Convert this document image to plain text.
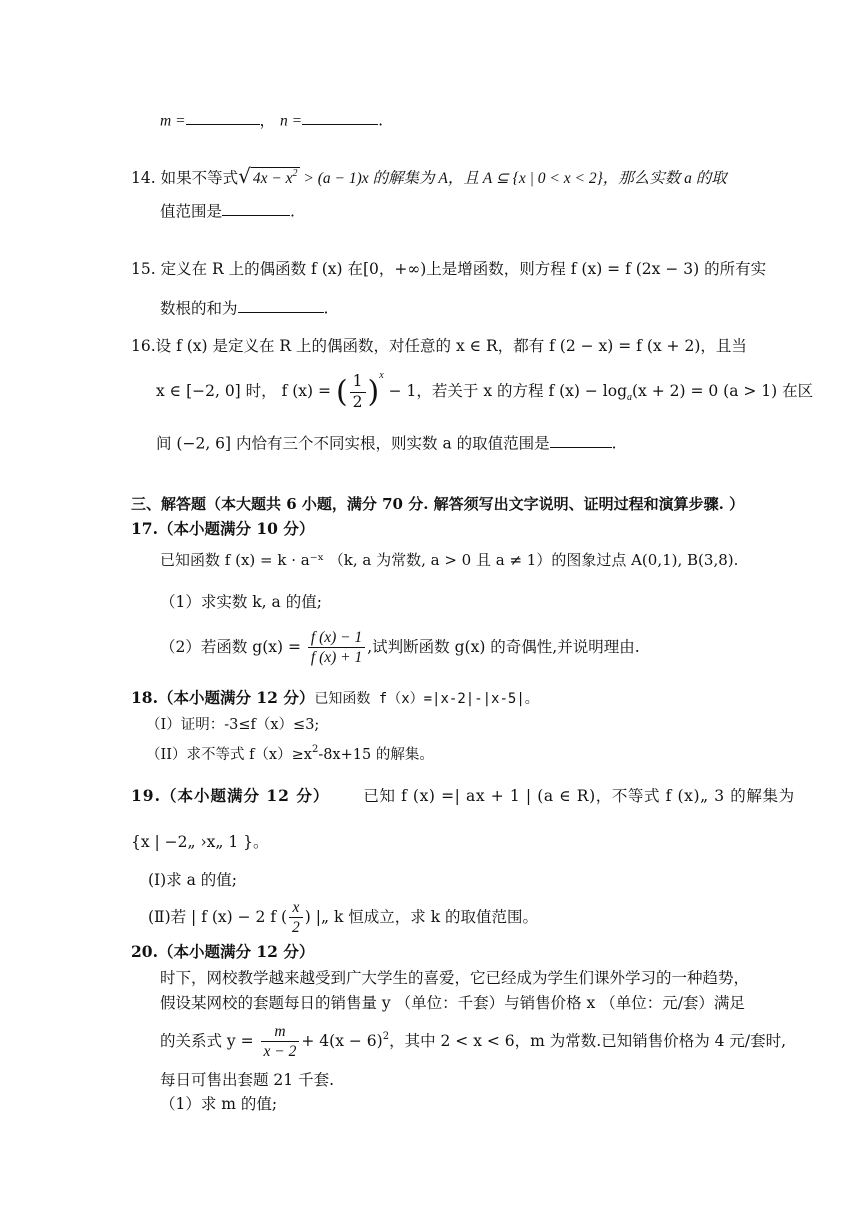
m =	， n =	.
14. 如果不等式√ $4x - x^2 > (a - 1)x$ 的解集为 A，且 A ⊆ {x | 0 < x < 2}，那么实数 a 的取
值范围是	.
15. 定义在 R 上的偶函数 f (x) 在[0，+∞)上是增函数，则方程 f (x) = f (2x − 3) 的所有实
数根的和为	.
16.设 f (x) 是定义在 R 上的偶函数，对任意的 x ∈ R，都有 f (2 − x) = f (x + 2)，且当
x ∈ [−2, 0] 时， f (x) = ( $\frac{1}{2} )^x - 1$，若关于 x 的方程 f $(x) - \log_a(x + 2) = 0$ (a > 1) 在区
间 (−2, 6] 内恰有三个不同实根，则实数 a 的取值范围是	.
三、解答题（本大题共 6 小题，满分 70 分. 解答须写出文字说明、证明过程和演算步骤. ）
17.（本小题满分 10 分）
已知函数 f (x) = k · a⁻ˣ （k, a 为常数, a > 0 且 a ≠ 1）的图象过点 A(0,1), B(3,8).
（1）求实数 k, a 的值;
（2）若函数 $g(x) = \frac{f (x) - 1}{f (x) + 1}$ ,试判断函数 g(x) 的奇偶性,并说明理由.
18.（本小题满分 12 分）已知函数 f（x）=|x-2|-|x-5|。
（I）证明：-3≤f（x）≤3;
（II）求不等式 $f(x)\ge x^2-8x+15$ 的解集。
19.（本小题满分 12 分） 已知 f (x) =| ax + 1 | (a ∈ R)，不等式 f (x)„ 3 的解集为
{x | −2„ ›x„ 1 }。
(Ⅰ)求 a 的值;
(Ⅱ)若 | f (x) − 2 f ( $\frac{x}{2}$ ) |„ k 恒成立，求 k 的取值范围。
20.（本小题满分 12 分）
时下，网校教学越来越受到广大学生的喜爱，它已经成为学生们课外学习的一种趋势，
假设某网校的套题每日的销售量 y （单位：千套）与销售价格 x （单位：元/套）满足
的关系式 $y = \frac{m}{x - 2} + 4(x - 6)^2$，其中 2 < x < 6，m 为常数.已知销售价格为 4 元/套时,
每日可售出套题 21 千套.
（1）求 m 的值;
